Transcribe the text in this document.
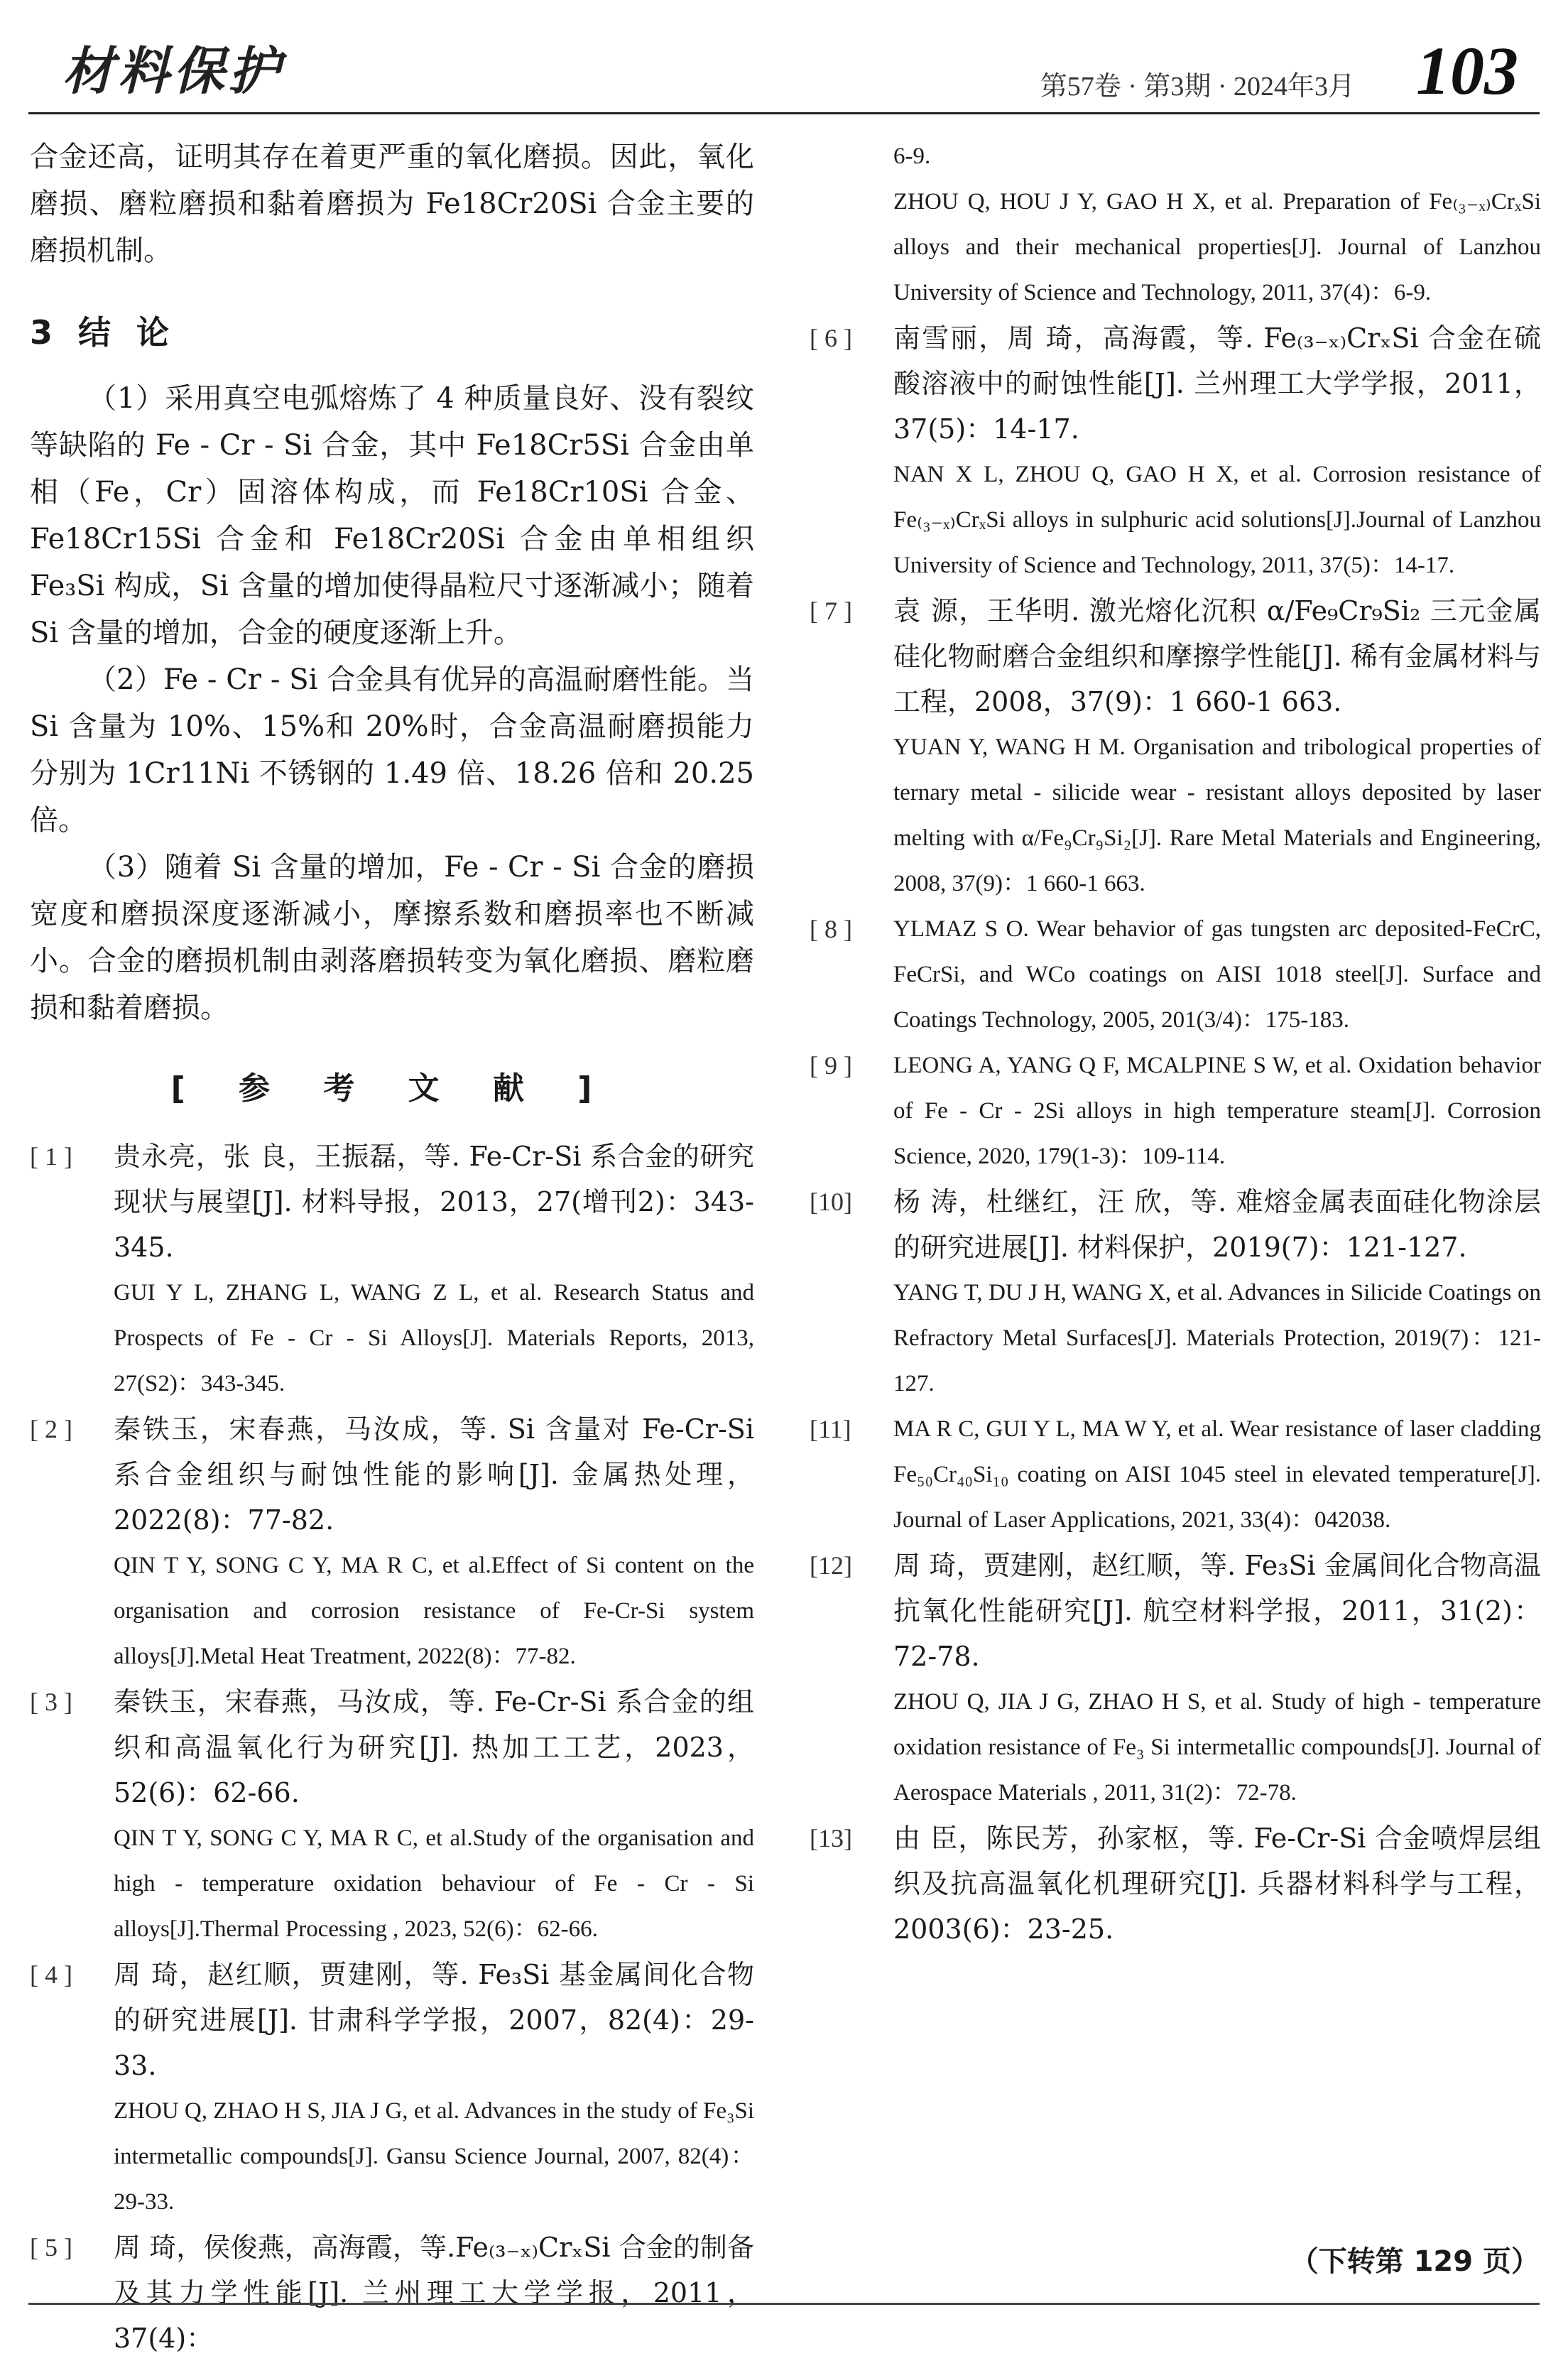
材料保护	第57卷 · 第3期 · 2024年3月 103

合金还高，证明其存在着更严重的氧化磨损。因此，氧化磨损、磨粒磨损和黏着磨损为 Fe18Cr20Si 合金主要的磨损机制。

3 结 论

（1）采用真空电弧熔炼了 4 种质量良好、没有裂纹等缺陷的 Fe - Cr - Si 合金，其中 Fe18Cr5Si 合金由单相（Fe，Cr）固溶体构成，而 Fe18Cr10Si 合金、Fe18Cr15Si 合金和 Fe18Cr20Si 合金由单相组织 Fe₃Si 构成，Si 含量的增加使得晶粒尺寸逐渐减小；随着 Si 含量的增加，合金的硬度逐渐上升。

（2）Fe - Cr - Si 合金具有优异的高温耐磨性能。当 Si 含量为 10%、15%和 20%时，合金高温耐磨损能力分别为 1Cr11Ni 不锈钢的 1.49 倍、18.26 倍和 20.25 倍。

（3）随着 Si 含量的增加，Fe - Cr - Si 合金的磨损宽度和磨损深度逐渐减小，摩擦系数和磨损率也不断减小。合金的磨损机制由剥落磨损转变为氧化磨损、磨粒磨损和黏着磨损。

[ 参 考 文 献 ]
[ 1 ]	贵永亮，张 良，王振磊，等. Fe-Cr-Si 系合金的研究现状与展望[J]. 材料导报，2013，27(增刊2)：343-345.

GUI Y L, ZHANG L, WANG Z L, et al. Research Status and Prospects of Fe - Cr - Si Alloys[J]. Materials Reports, 2013, 27(S2)：343-345.

[ 2 ]	秦铁玉，宋春燕，马汝成，等. Si 含量对 Fe-Cr-Si 系合金组织与耐蚀性能的影响[J]. 金属热处理，2022(8)：77-82.

QIN T Y, SONG C Y, MA R C, et al.Effect of Si content on the organisation and corrosion resistance of Fe-Cr-Si system alloys[J].Metal Heat Treatment, 2022(8)：77-82.

[ 3 ]	秦铁玉，宋春燕，马汝成，等. Fe-Cr-Si 系合金的组织和高温氧化行为研究[J]. 热加工工艺，2023，52(6)：62-66.

QIN T Y, SONG C Y, MA R C, et al.Study of the organisation and high - temperature oxidation behaviour of Fe - Cr - Si alloys[J].Thermal Processing , 2023, 52(6)：62-66.

[ 4 ]	周 琦，赵红顺，贾建刚，等. Fe₃Si 基金属间化合物的研究进展[J]. 甘肃科学学报，2007，82(4)：29-33.

ZHOU Q, ZHAO H S, JIA J G, et al. Advances in the study of Fe₃Si intermetallic compounds[J]. Gansu Science Journal, 2007, 82(4)：29-33.

[ 5 ]	周 琦，侯俊燕，高海霞，等.Fe₍₃₋ₓ₎CrₓSi 合金的制备及其力学性能[J]. 兰州理工大学学报，2011，37(4)：

6-9.

ZHOU Q, HOU J Y, GAO H X, et al. Preparation of Fe₍₃₋ₓ₎CrₓSi alloys and their mechanical properties[J]. Journal of Lanzhou University of Science and Technology, 2011, 37(4)：6-9.

[ 6 ]	南雪丽，周 琦，高海霞，等. Fe₍₃₋ₓ₎CrₓSi 合金在硫酸溶液中的耐蚀性能[J]. 兰州理工大学学报，2011，37(5)：14-17.

NAN X L, ZHOU Q, GAO H X, et al. Corrosion resistance of Fe₍₃₋ₓ₎CrₓSi alloys in sulphuric acid solutions[J].Journal of Lanzhou University of Science and Technology, 2011, 37(5)：14-17.

[ 7 ]	袁 源，王华明. 激光熔化沉积 α/Fe₉Cr₉Si₂ 三元金属硅化物耐磨合金组织和摩擦学性能[J]. 稀有金属材料与工程，2008，37(9)：1 660-1 663.

YUAN Y, WANG H M. Organisation and tribological properties of ternary metal - silicide wear - resistant alloys deposited by laser melting with α/Fe₉Cr₉Si₂[J]. Rare Metal Materials and Engineering, 2008, 37(9)：1 660-1 663.

[ 8 ]	YLMAZ S O. Wear behavior of gas tungsten arc deposited-FeCrC, FeCrSi, and WCo coatings on AISI 1018 steel[J]. Surface and Coatings Technology, 2005, 201(3/4)：175-183.

[ 9 ]	LEONG A, YANG Q F, MCALPINE S W, et al. Oxidation behavior of Fe - Cr - 2Si alloys in high temperature steam[J]. Corrosion Science, 2020, 179(1-3)：109-114.

[10]	杨 涛，杜继红，汪 欣，等. 难熔金属表面硅化物涂层的研究进展[J]. 材料保护，2019(7)：121-127.

YANG T, DU J H, WANG X, et al. Advances in Silicide Coatings on Refractory Metal Surfaces[J]. Materials Protection, 2019(7)：121-127.

[11]	MA R C, GUI Y L, MA W Y, et al. Wear resistance of laser cladding Fe₅₀Cr₄₀Si₁₀ coating on AISI 1045 steel in elevated temperature[J]. Journal of Laser Applications, 2021, 33(4)：042038.

[12]	周 琦，贾建刚，赵红顺，等. Fe₃Si 金属间化合物高温抗氧化性能研究[J]. 航空材料学报，2011，31(2)：72-78.

ZHOU Q, JIA J G, ZHAO H S, et al. Study of high - temperature oxidation resistance of Fe₃ Si intermetallic compounds[J]. Journal of Aerospace Materials , 2011, 31(2)：72-78.

[13]	由 臣，陈民芳，孙家枢，等. Fe-Cr-Si 合金喷焊层组织及抗高温氧化机理研究[J]. 兵器材料科学与工程，2003(6)：23-25.

（下转第 129 页）
